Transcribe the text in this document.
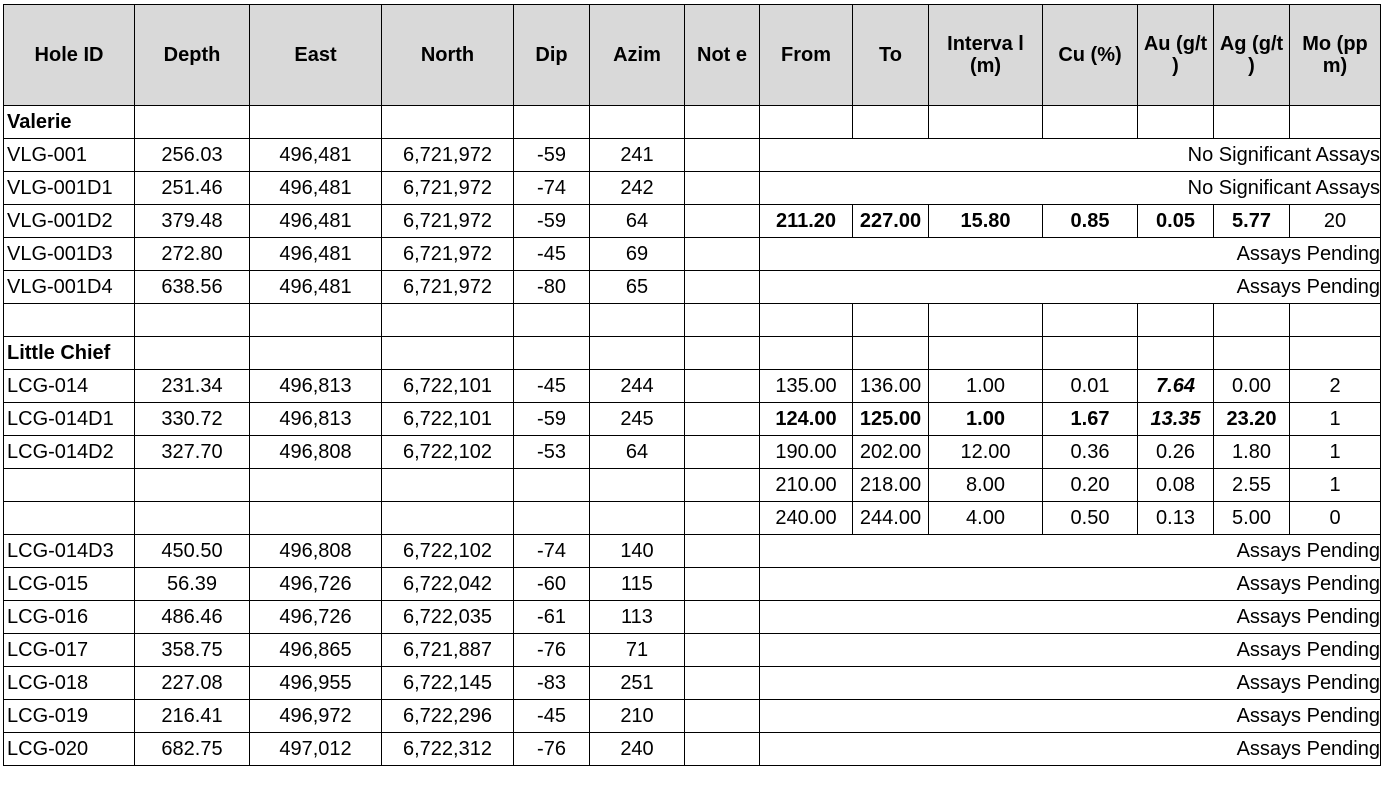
Hole ID	Depth	East	North	Dip	Azim	Not e	From	To	Interva l (m)	Cu (%)	Au (g/t )	Ag (g/t )	Mo (pp m)
Valerie													
VLG-001	256.03	496,481	6,721,972	-59	241		No Significant Assays						
VLG-001D1	251.46	496,481	6,721,972	-74	242		No Significant Assays						
VLG-001D2	379.48	496,481	6,721,972	-59	64		211.20	227.00	15.80	0.85	0.05	5.77	20
VLG-001D3	272.80	496,481	6,721,972	-45	69		Assays Pending						
VLG-001D4	638.56	496,481	6,721,972	-80	65		Assays Pending						

Little Chief													
LCG-014	231.34	496,813	6,722,101	-45	244		135.00	136.00	1.00	0.01	7.64	0.00	2
LCG-014D1	330.72	496,813	6,722,101	-59	245		124.00	125.00	1.00	1.67	13.35	23.20	1
LCG-014D2	327.70	496,808	6,722,102	-53	64		190.00	202.00	12.00	0.36	0.26	1.80	1
							210.00	218.00	8.00	0.20	0.08	2.55	1
							240.00	244.00	4.00	0.50	0.13	5.00	0
LCG-014D3	450.50	496,808	6,722,102	-74	140		Assays Pending						
LCG-015	56.39	496,726	6,722,042	-60	115		Assays Pending						
LCG-016	486.46	496,726	6,722,035	-61	113		Assays Pending						
LCG-017	358.75	496,865	6,721,887	-76	71		Assays Pending						
LCG-018	227.08	496,955	6,722,145	-83	251		Assays Pending						
LCG-019	216.41	496,972	6,722,296	-45	210		Assays Pending						
LCG-020	682.75	497,012	6,722,312	-76	240		Assays Pending						
